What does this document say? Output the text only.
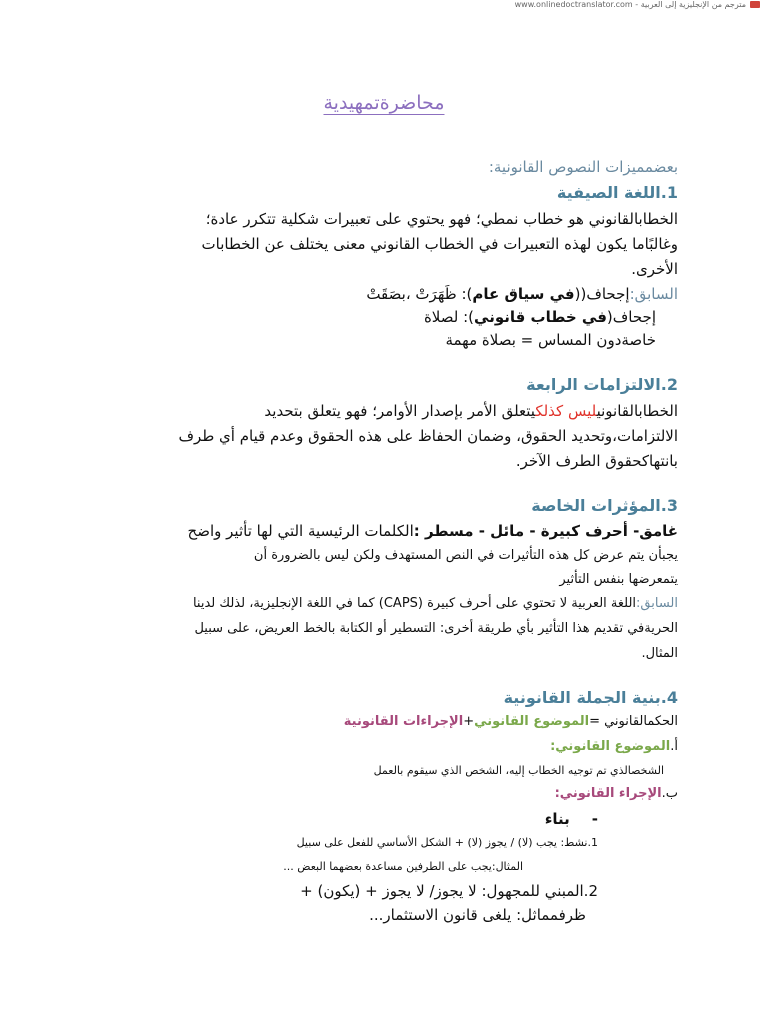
www.onlinedoctranslator.com - مترجم من الإنجليزية إلى العربية
محاضرةتمهيدية
بعضمميزات النصوص القانونية:
1.اللغة الصيفية
الخطابالقانوني هو خطاب نمطي؛ فهو يحتوي على تعبيرات شكلية تتكرر عادة؛
وغالبًاما يكون لهذه التعبيرات في الخطاب القانوني معنى يختلف عن الخطابات
الأخرى.
السابق:إجحاف((في سياق عام): ظَهَرَتْ ،بصَقَتْ
إجحاف(في خطاب قانوني): لصلاة
خاصةدون المساس = بصلاة مهمة
2.الالتزامات الرابعة
الخطابالقانونيليس كذلكيتعلق الأمر بإصدار الأوامر؛ فهو يتعلق بتحديد
الالتزامات،وتحديد الحقوق، وضمان الحفاظ على هذه الحقوق وعدم قيام أي طرف
بانتهاكحقوق الطرف الآخر.
3.المؤثرات الخاصة
غامق- أحرف كبيرة - مائل - مسطر :الكلمات الرئيسية التي لها تأثير واضح
يجبأن يتم عرض كل هذه التأثيرات في النص المستهدف ولكن ليس بالضرورة أن
يتمعرضها بنفس التأثير
السابق:اللغة العربية لا تحتوي على أحرف كبيرة (CAPS) كما في اللغة الإنجليزية، لذلك لدينا
الحريةفي تقديم هذا التأثير بأي طريقة أخرى: التسطير أو الكتابة بالخط العريض، على سبيل
المثال.
4.بنية الجملة القانونية
الحكمالقانوني =الموضوع القانوني+الإجراءات القانونية
أ.الموضوع القانوني:
الشخصالذي تم توجيه الخطاب إليه، الشخص الذي سيقوم بالعمل
ب.الإجراء القانوني:
-بناء
1.نشط: يجب (لا) / يجوز (لا) + الشكل الأساسي للفعل على سبيل
المثال:يجب على الطرفين مساعدة بعضهما البعض ...
2.المبني للمجهول: لا يجوز/ لا يجوز + (يكون) +
ظرفمماثل: يلغى قانون الاستثمار...
